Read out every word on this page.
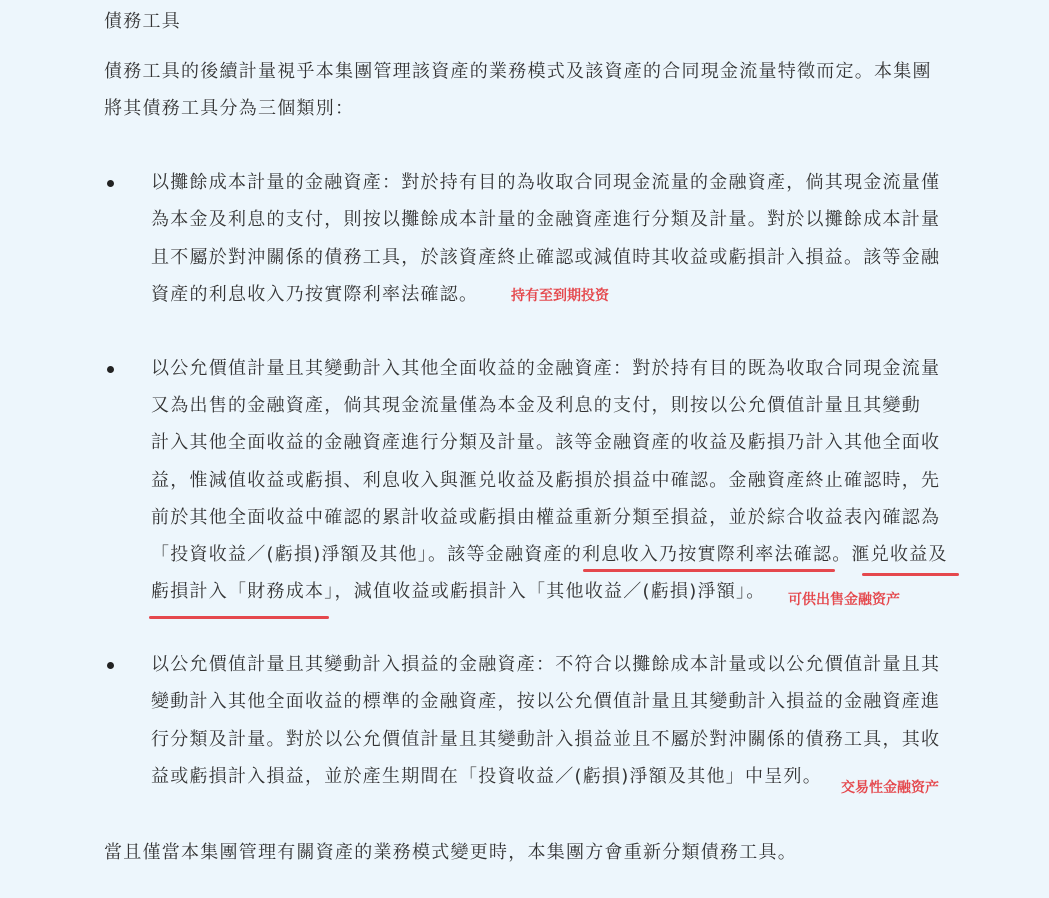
債務工具

債務工具的後續計量視乎本集團管理該資產的業務模式及該資產的合同現金流量特徵而定。本集團

將其債務工具分為三個類別：

以攤餘成本計量的金融資產：對於持有目的為收取合同現金流量的金融資產，倘其現金流量僅

為本金及利息的支付，則按以攤餘成本計量的金融資產進行分類及計量。對於以攤餘成本計量

且不屬於對沖關係的債務工具，於該資產終止確認或減值時其收益或虧損計入損益。該等金融

資產的利息收入乃按實際利率法確認。 持有至到期投资

以公允價值計量且其變動計入其他全面收益的金融資產：對於持有目的既為收取合同現金流量

又為出售的金融資產，倘其現金流量僅為本金及利息的支付，則按以公允價值計量且其變動

計入其他全面收益的金融資產進行分類及計量。該等金融資產的收益及虧損乃計入其他全面收

益，惟減值收益或虧損、利息收入與滙兑收益及虧損於損益中確認。金融資產終止確認時，先

前於其他全面收益中確認的累計收益或虧損由權益重新分類至損益，並於綜合收益表內確認為

「投資收益／(虧損)淨額及其他」。該等金融資產的利息收入乃按實際利率法確認。滙兑收益及

虧損計入「財務成本」，減值收益或虧損計入「其他收益／(虧損)淨額」。 可供出售金融资产

以公允價值計量且其變動計入損益的金融資產：不符合以攤餘成本計量或以公允價值計量且其

變動計入其他全面收益的標準的金融資產，按以公允價值計量且其變動計入損益的金融資產進

行分類及計量。對於以公允價值計量且其變動計入損益並且不屬於對沖關係的債務工具，其收

益或虧損計入損益，並於產生期間在「投資收益／(虧損)淨額及其他」中呈列。

交易性金融资产

當且僅當本集團管理有關資產的業務模式變更時，本集團方會重新分類債務工具。
